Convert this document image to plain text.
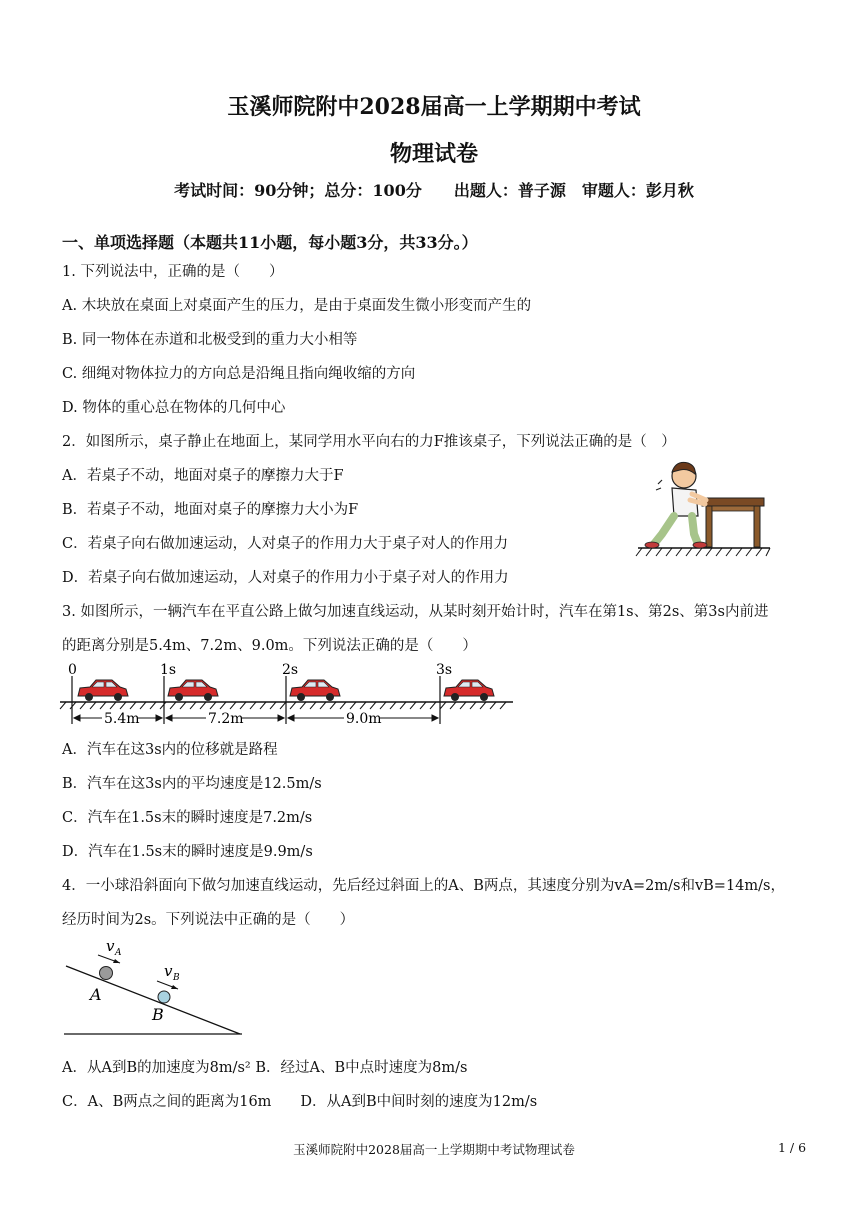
玉溪师院附中2028届高一上学期期中考试
物理试卷
考试时间：90分钟；总分：100分　　出题人：普子源　审题人：彭月秋
一、单项选择题（本题共11小题，每小题3分，共33分。）
1. 下列说法中，正确的是（　　）
A. 木块放在桌面上对桌面产生的压力，是由于桌面发生微小形变而产生的
B. 同一物体在赤道和北极受到的重力大小相等
C. 细绳对物体拉力的方向总是沿绳且指向绳收缩的方向
D. 物体的重心总在物体的几何中心
2．如图所示，桌子静止在地面上，某同学用水平向右的力F推该桌子，下列说法正确的是（　）
A．若桌子不动，地面对桌子的摩擦力大于F
B．若桌子不动，地面对桌子的摩擦力大小为F
C．若桌子向右做加速运动，人对桌子的作用力大于桌子对人的作用力
D．若桌子向右做加速运动，人对桌子的作用力小于桌子对人的作用力
3. 如图所示，一辆汽车在平直公路上做匀加速直线运动，从某时刻开始计时，汽车在第1s、第2s、第3s内前进
的距离分别是5.4m、7.2m、9.0m。下列说法正确的是（　　）
0	1s	2s	3s
5.4m	7.2m	9.0m
A．汽车在这3s内的位移就是路程
B．汽车在这3s内的平均速度是12.5m/s
C．汽车在1.5s末的瞬时速度是7.2m/s
D．汽车在1.5s末的瞬时速度是9.9m/s
4．一小球沿斜面向下做匀加速直线运动，先后经过斜面上的A、B两点，其速度分别为vA=2m/s和vB=14m/s，
经历时间为2s。下列说法中正确的是（　　）
v A
v B
A
B
A．从A到B的加速度为8m/s² B．经过A、B中点时速度为8m/s
C．A、B两点之间的距离为16m　　D．从A到B中间时刻的速度为12m/s
玉溪师院附中2028届高一上学期期中考试物理试卷	1 / 6
